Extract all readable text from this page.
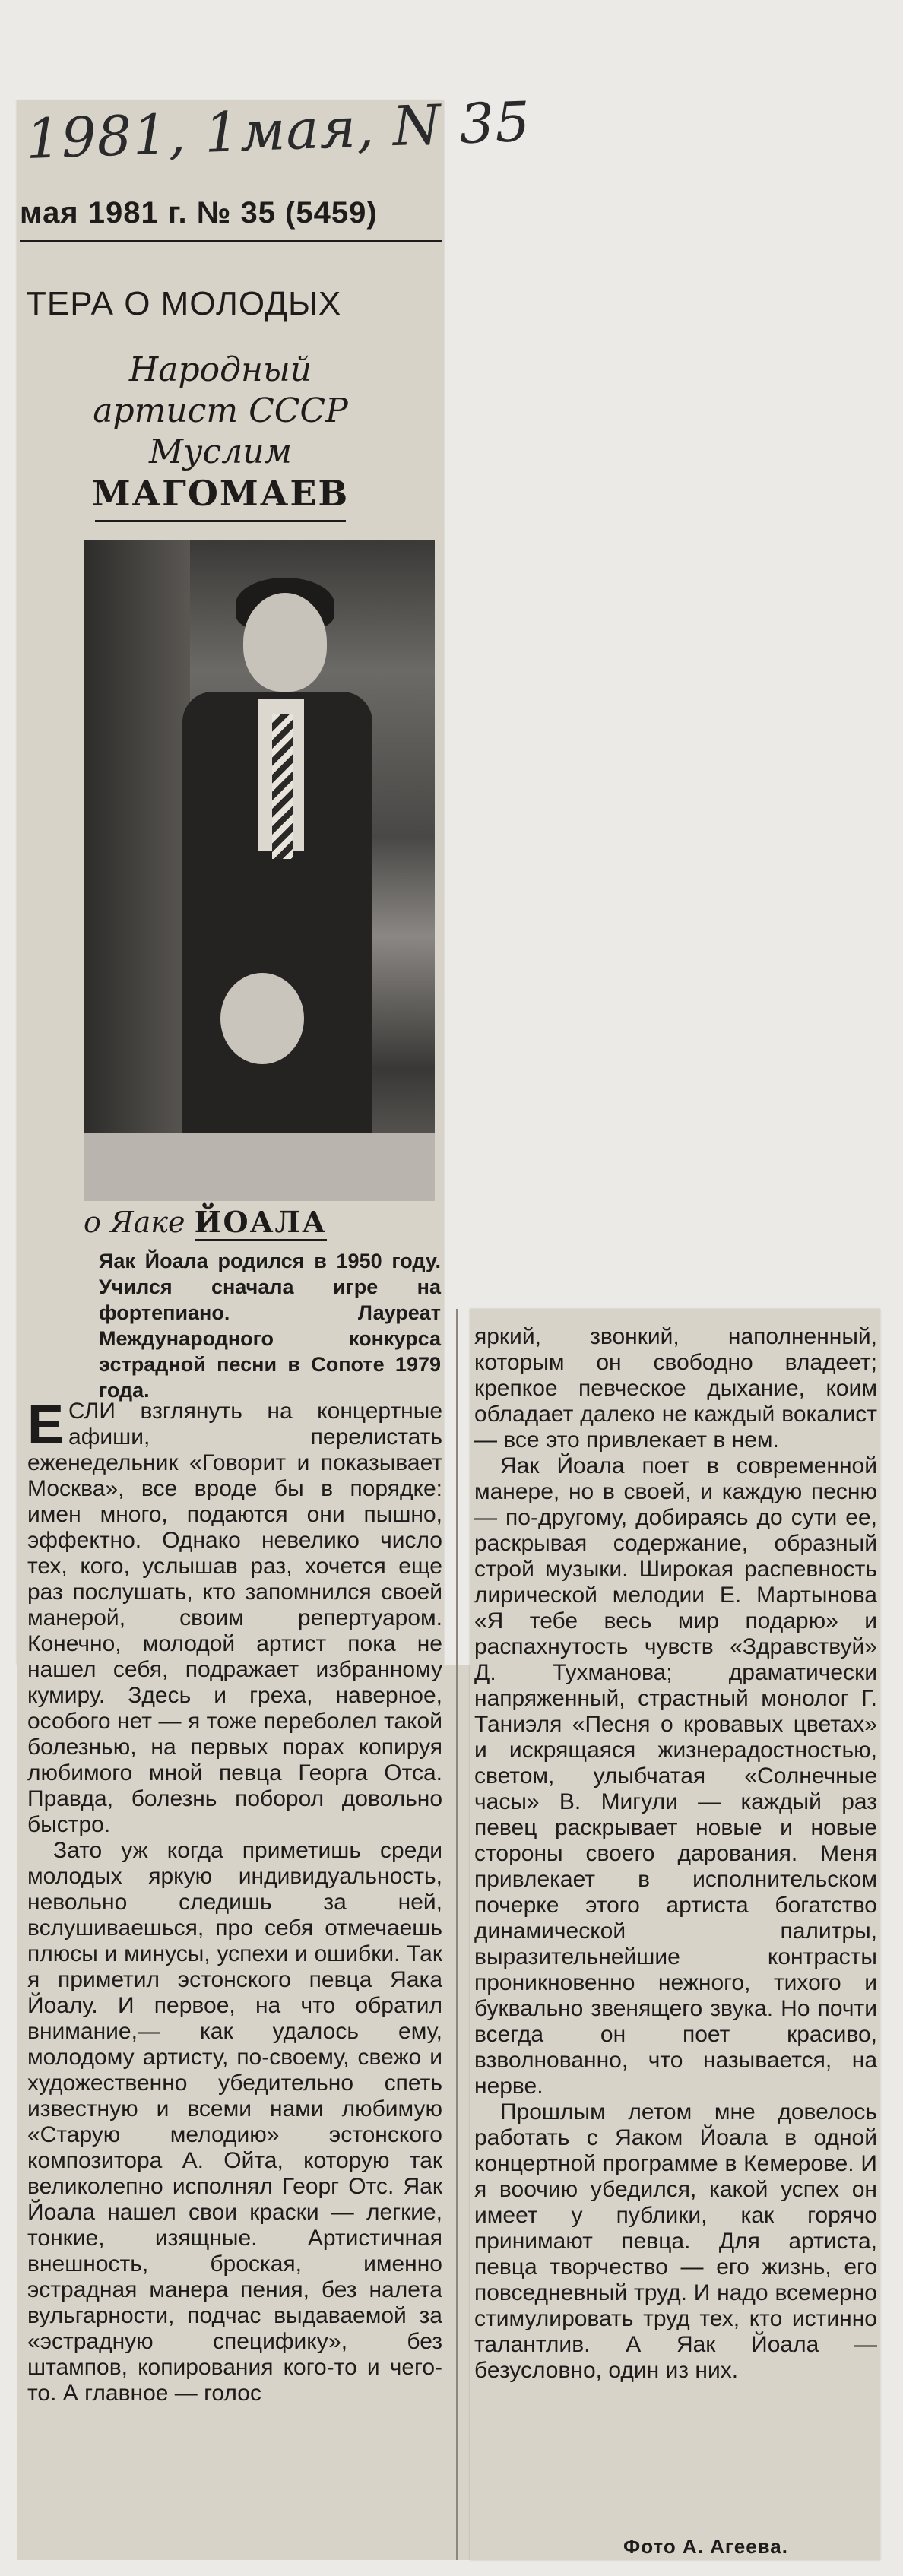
1981, 1мая, N 35
мая 1981 г. № 35 (5459)
ТЕРА О МОЛОДЫХ
Народный
артист СССР
Муслим
МАГОМАЕВ
о Яаке ЙОАЛА
Яак Йоала родился в 1950 году. Учился сначала игре на фортепиано. Лауреат Международного конкурса эстрадной песни в Сопоте 1979 года.

ЕСЛИ взглянуть на концертные афиши, перелистать еженедельник «Говорит и показывает Москва», все вроде бы в порядке: имен много, подаются они пышно, эффектно. Однако невелико число тех, кого, услышав раз, хочется еще раз послушать, кто запомнился своей манерой, своим репертуаром. Конечно, молодой артист пока не нашел себя, подражает избранному кумиру. Здесь и греха, наверное, особого нет — я тоже переболел такой болезнью, на первых порах копируя любимого мной певца Георга Отса. Правда, болезнь поборол довольно быстро.

Зато уж когда приметишь среди молодых яркую индивидуальность, невольно следишь за ней, вслушиваешься, про себя отмечаешь плюсы и минусы, успехи и ошибки. Так я приметил эстонского певца Яака Йоалу. И первое, на что обратил внимание,— как удалось ему, молодому артисту, по-своему, свежо и художественно убедительно спеть известную и всеми нами любимую «Старую мелодию» эстонского композитора А. Ойта, которую так великолепно исполнял Георг Отс. Яак Йоала нашел свои краски — легкие, тонкие, изящные. Артистичная внешность, броская, именно эстрадная манера пения, без налета вульгарности, подчас выдаваемой за «эстрадную специфику», без штампов, копирования кого-то и чего-то. А главное — голос

яркий, звонкий, наполненный, которым он свободно владеет; крепкое певческое дыхание, коим обладает далеко не каждый вокалист — все это привлекает в нем.

Яак Йоала поет в современной манере, но в своей, и каждую песню — по-другому, добираясь до сути ее, раскрывая содержание, образный строй музыки. Широкая распевность лирической мелодии Е. Мартынова «Я тебе весь мир подарю» и распахнутость чувств «Здравствуй» Д. Тухманова; драматически напряженный, страстный монолог Г. Таниэля «Песня о кровавых цветах» и искрящаяся жизнерадостностью, светом, улыбчатая «Солнечные часы» В. Мигули — каждый раз певец раскрывает новые и новые стороны своего дарования. Меня привлекает в исполнительском почерке этого артиста богатство динамической палитры, выразительнейшие контрасты проникновенно нежного, тихого и буквально звенящего звука. Но почти всегда он поет красиво, взволнованно, что называется, на нерве.

Прошлым летом мне довелось работать с Яаком Йоала в одной концертной программе в Кемерове. И я воочию убедился, какой успех он имеет у публики, как горячо принимают певца. Для артиста, певца творчество — его жизнь, его повседневный труд. И надо всемерно стимулировать труд тех, кто истинно талантлив. А Яак Йоала — безусловно, один из них.

Фото А. Агеева.
